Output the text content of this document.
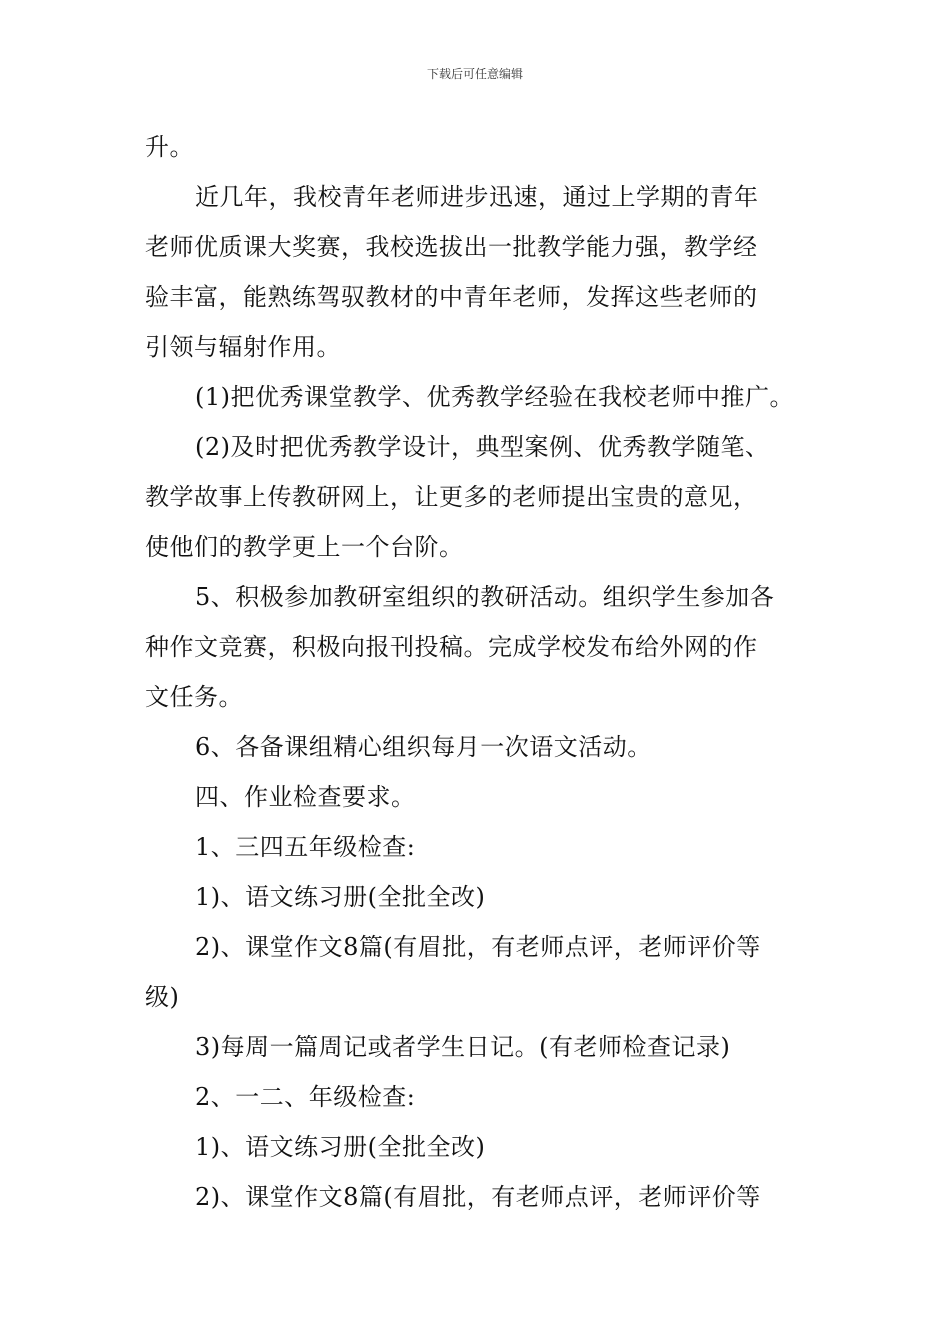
下载后可任意编辑
升。
近几年，我校青年老师进步迅速，通过上学期的青年
老师优质课大奖赛，我校选拔出一批教学能力强，教学经
验丰富，能熟练驾驭教材的中青年老师，发挥这些老师的
引领与辐射作用。
(1)把优秀课堂教学、优秀教学经验在我校老师中推广。
(2)及时把优秀教学设计，典型案例、优秀教学随笔、
教学故事上传教研网上，让更多的老师提出宝贵的意见，
使他们的教学更上一个台阶。
5、积极参加教研室组织的教研活动。组织学生参加各
种作文竞赛，积极向报刊投稿。完成学校发布给外网的作
文任务。
6、各备课组精心组织每月一次语文活动。
四、作业检查要求。
1、三四五年级检查:
1)、语文练习册(全批全改)
2)、课堂作文8篇(有眉批，有老师点评，老师评价等
级)
3)每周一篇周记或者学生日记。(有老师检查记录)
2、一二、年级检查:
1)、语文练习册(全批全改)
2)、课堂作文8篇(有眉批，有老师点评，老师评价等
